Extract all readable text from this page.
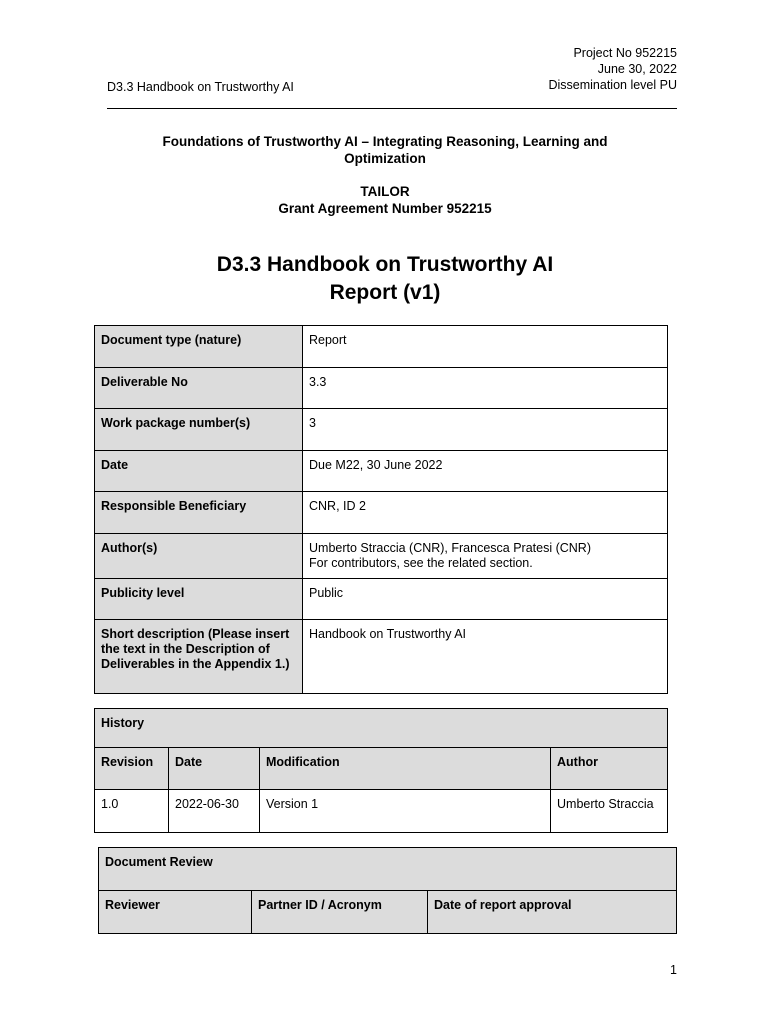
Project No 952215
June 30, 2022
Dissemination level PU
D3.3 Handbook on Trustworthy AI
Foundations of Trustworthy AI – Integrating Reasoning, Learning and Optimization
TAILOR
Grant Agreement Number 952215
D3.3 Handbook on Trustworthy AI
Report (v1)
Document type (nature)	Report
Deliverable No	3.3
Work package number(s)	3
Date	Due M22, 30 June 2022
Responsible Beneficiary	CNR, ID 2
Author(s)	Umberto Straccia (CNR), Francesca Pratesi (CNR)
For contributors, see the related section.

Publicity level	Public
Short description (Please insert the text in the Description of Deliverables in the Appendix 1.)	Handbook on Trustworthy AI
History			
Revision	Date	Modification	Author
1.0	2022-06-30	Version 1	Umberto Straccia
Document Review
Reviewer	Partner ID / Acronym	Date of report approval
1
